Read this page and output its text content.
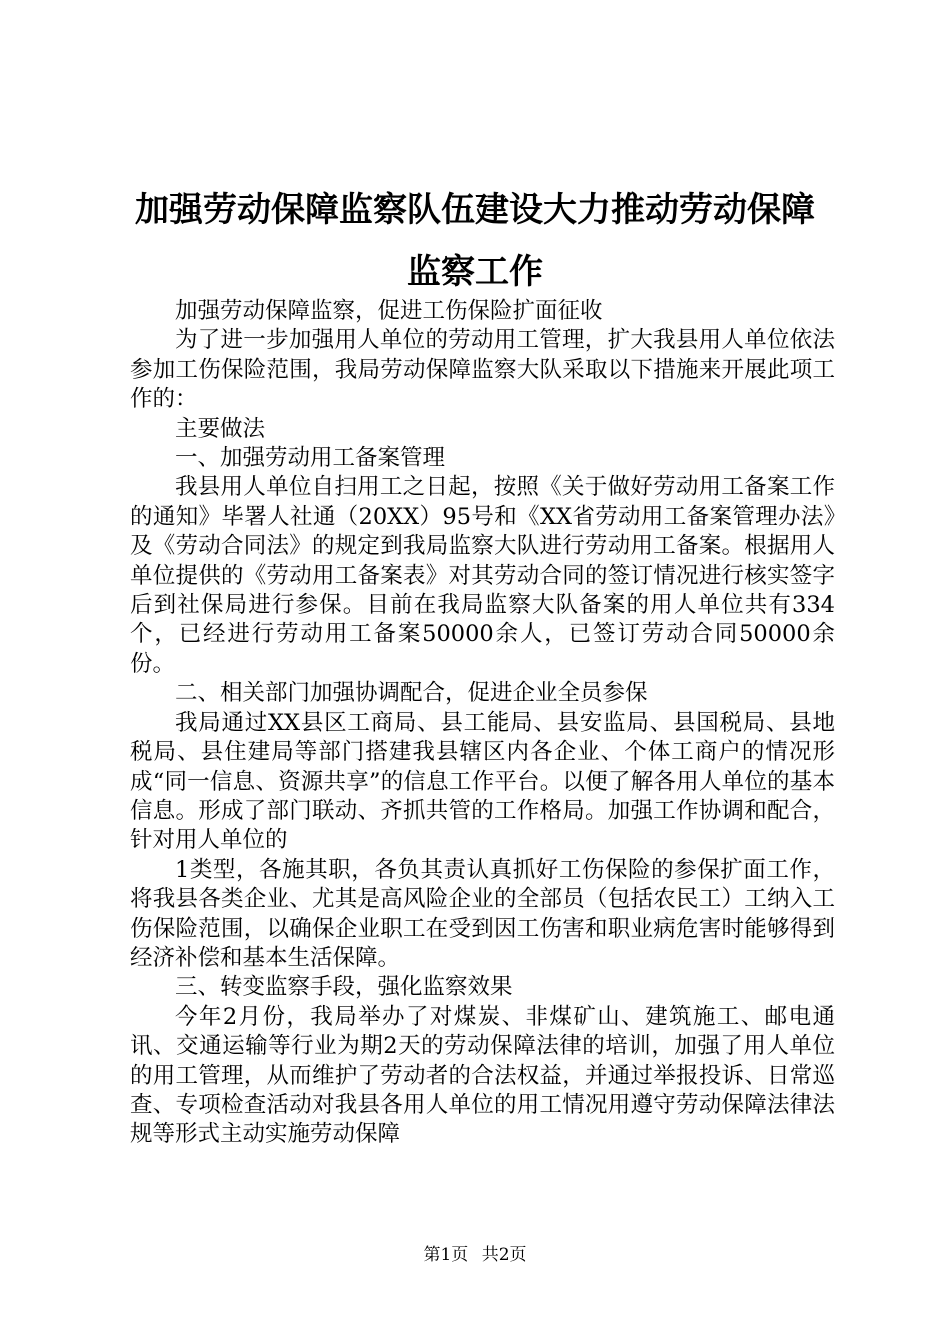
加强劳动保障监察队伍建设大力推动劳动保障
监察工作

加强劳动保障监察，促进工伤保险扩面征收

为了进一步加强用人单位的劳动用工管理，扩大我县用人单位依法参加工伤保险范围，我局劳动保障监察大队采取以下措施来开展此项工作的：

主要做法

一、加强劳动用工备案管理

我县用人单位自扫用工之日起，按照《关于做好劳动用工备案工作的通知》毕署人社通（20XX）95号和《XX省劳动用工备案管理办法》及《劳动合同法》的规定到我局监察大队进行劳动用工备案。根据用人单位提供的《劳动用工备案表》对其劳动合同的签订情况进行核实签字后到社保局进行参保。目前在我局监察大队备案的用人单位共有334个，已经进行劳动用工备案50000余人，已签订劳动合同50000余份。

二、相关部门加强协调配合，促进企业全员参保

我局通过XX县区工商局、县工能局、县安监局、县国税局、县地税局、县住建局等部门搭建我县辖区内各企业、个体工商户的情况形成“同一信息、资源共享”的信息工作平台。以便了解各用人单位的基本信息。形成了部门联动、齐抓共管的工作格局。加强工作协调和配合，针对用人单位的

1类型，各施其职，各负其责认真抓好工伤保险的参保扩面工作，将我县各类企业、尤其是高风险企业的全部员（包括农民工）工纳入工伤保险范围，以确保企业职工在受到因工伤害和职业病危害时能够得到经济补偿和基本生活保障。

三、转变监察手段，强化监察效果

今年2月份，我局举办了对煤炭、非煤矿山、建筑施工、邮电通讯、交通运输等行业为期2天的劳动保障法律的培训，加强了用人单位的用工管理，从而维护了劳动者的合法权益，并通过举报投诉、日常巡查、专项检查活动对我县各用人单位的用工情况用遵守劳动保障法律法规等形式主动实施劳动保障

第1页 共2页
